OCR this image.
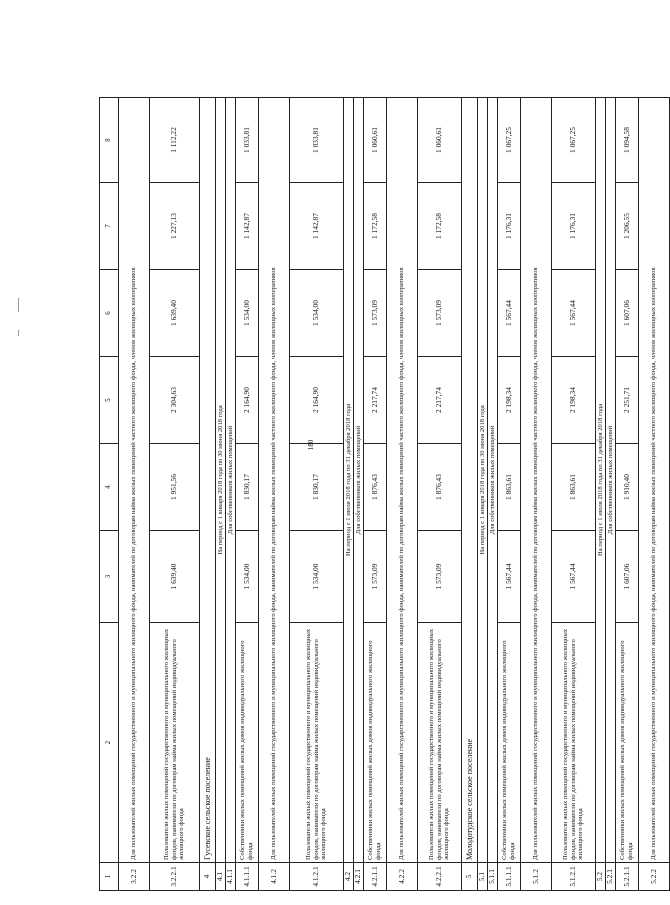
180
1	2	3	4	5	6	7	8
3.2.2	Для пользователей жилых помещений государственного и муниципального жилищного фонда, нанимателей по договорам найма жилых помещений частного жилищного фонда, членов жилищных кооперативов						
3.2.2.1	Пользователи жилых помещений государственного и муниципального жилищных фондов, наниматели по договорам найма жилых помещений индивидуального жилищного фонда	1 639,40	1 951,56	2 304,63	1 639,40	1 227,13	1 112,22
4	Гусевское сельское поселение						
4.1	На период с 1 января 2018 года по 30 июня 2018 года						
4.1.1	Для собственников жилых помещений						
4.1.1.1	Собственники жилых помещений жилых домов индивидуального жилищного фонда	1 534,00	1 830,17	2 164,90	1 534,00	1 142,87	1 033,81
4.1.2	Для пользователей жилых помещений государственного и муниципального жилищного фонда, нанимателей по договорам найма жилых помещений частного жилищного фонда, членов жилищных кооперативов						
4.1.2.1	Пользователи жилых помещений государственного и муниципального жилищных фондов, наниматели по договорам найма жилых помещений индивидуального жилищного фонда	1 534,00	1 830,17	2 164,90	1 534,00	1 142,87	1 033,81
4.2	На период с 1 июля 2018 года по 31 декабря 2018 года						
4.2.1	Для собственников жилых помещений						
4.2.1.1	Собственники жилых помещений жилых домов индивидуального жилищного фонда	1 573,09	1 876,43	2 217,74	1 573,09	1 172,58	1 060,61
4.2.2	Для пользователей жилых помещений государственного и муниципального жилищного фонда, нанимателей по договорам найма жилых помещений частного жилищного фонда, членов жилищных кооперативов						
4.2.2.1	Пользователи жилых помещений государственного и муниципального жилищных фондов, наниматели по договорам найма жилых помещений индивидуального жилищного фонда	1 573,09	1 876,43	2 217,74	1 573,09	1 172,58	1 060,61
5	Молодотудское сельское поселение						
5.1	На период с 1 января 2018 года по 30 июня 2018 года						
5.1.1	Для собственников жилых помещений						
5.1.1.1	Собственники жилых помещений жилых домов индивидуального жилищного фонда	1 567,44	1 863,61	2 198,34	1 567,44	1 176,31	1 067,25
5.1.2	Для пользователей жилых помещений государственного и муниципального жилищного фонда, нанимателей по договорам найма жилых помещений частного жилищного фонда, членов жилищных кооперативов						
5.1.2.1	Пользователи жилых помещений государственного и муниципального жилищных фондов, наниматели по договорам найма жилых помещений индивидуального жилищного фонда	1 567,44	1 863,61	2 198,34	1 567,44	1 176,31	1 067,25
5.2	На период с 1 июля 2018 года по 31 декабря 2018 года						
5.2.1	Для собственников жилых помещений						
5.2.1.1	Собственники жилых помещений жилых домов индивидуального жилищного фонда	1 607,06	1 910,40	2 251,71	1 607,06	1 206,55	1 094,58
5.2.2	Для пользователей жилых помещений государственного и муниципального жилищного фонда, нанимателей по договорам найма жилых помещений частного жилищного фонда, членов жилищных кооперативов						
